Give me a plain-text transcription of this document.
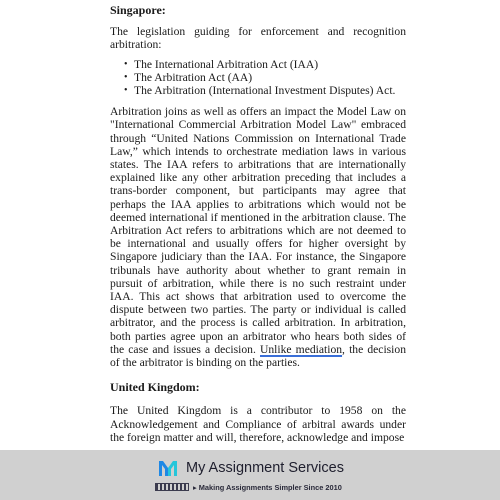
Singapore:
The legislation guiding for enforcement and recognition arbitration:
• The International Arbitration Act (IAA)
• The Arbitration Act (AA)
• The Arbitration (International Investment Disputes) Act.
Arbitration joins as well as offers an impact the Model Law on "International Commercial Arbitration Model Law" embraced through “United Nations Commission on International Trade Law,” which intends to orchestrate mediation laws in various states. The IAA refers to arbitrations that are internationally explained like any other arbitration preceding that includes a trans-border component, but participants may agree that perhaps the IAA applies to arbitrations which would not be deemed international if mentioned in the arbitration clause. The Arbitration Act refers to arbitrations which are not deemed to be international and usually offers for higher oversight by Singapore judiciary than the IAA. For instance, the Singapore tribunals have authority about whether to grant remain in pursuit of arbitration, while there is no such restraint under IAA. This act shows that arbitration used to overcome the dispute between two parties. The party or individual is called arbitrator, and the process is called arbitration. In arbitration, both parties agree upon an arbitrator who hears both sides of the case and issues a decision. Unlike mediation, the decision of the arbitrator is binding on the parties.
United Kingdom:
The United Kingdom is a contributor to 1958 on the Acknowledgement and Compliance of arbitral awards under the foreign matter and will, therefore, acknowledge and impose
My Assignment Services
▸ Making Assignments Simpler Since 2010
